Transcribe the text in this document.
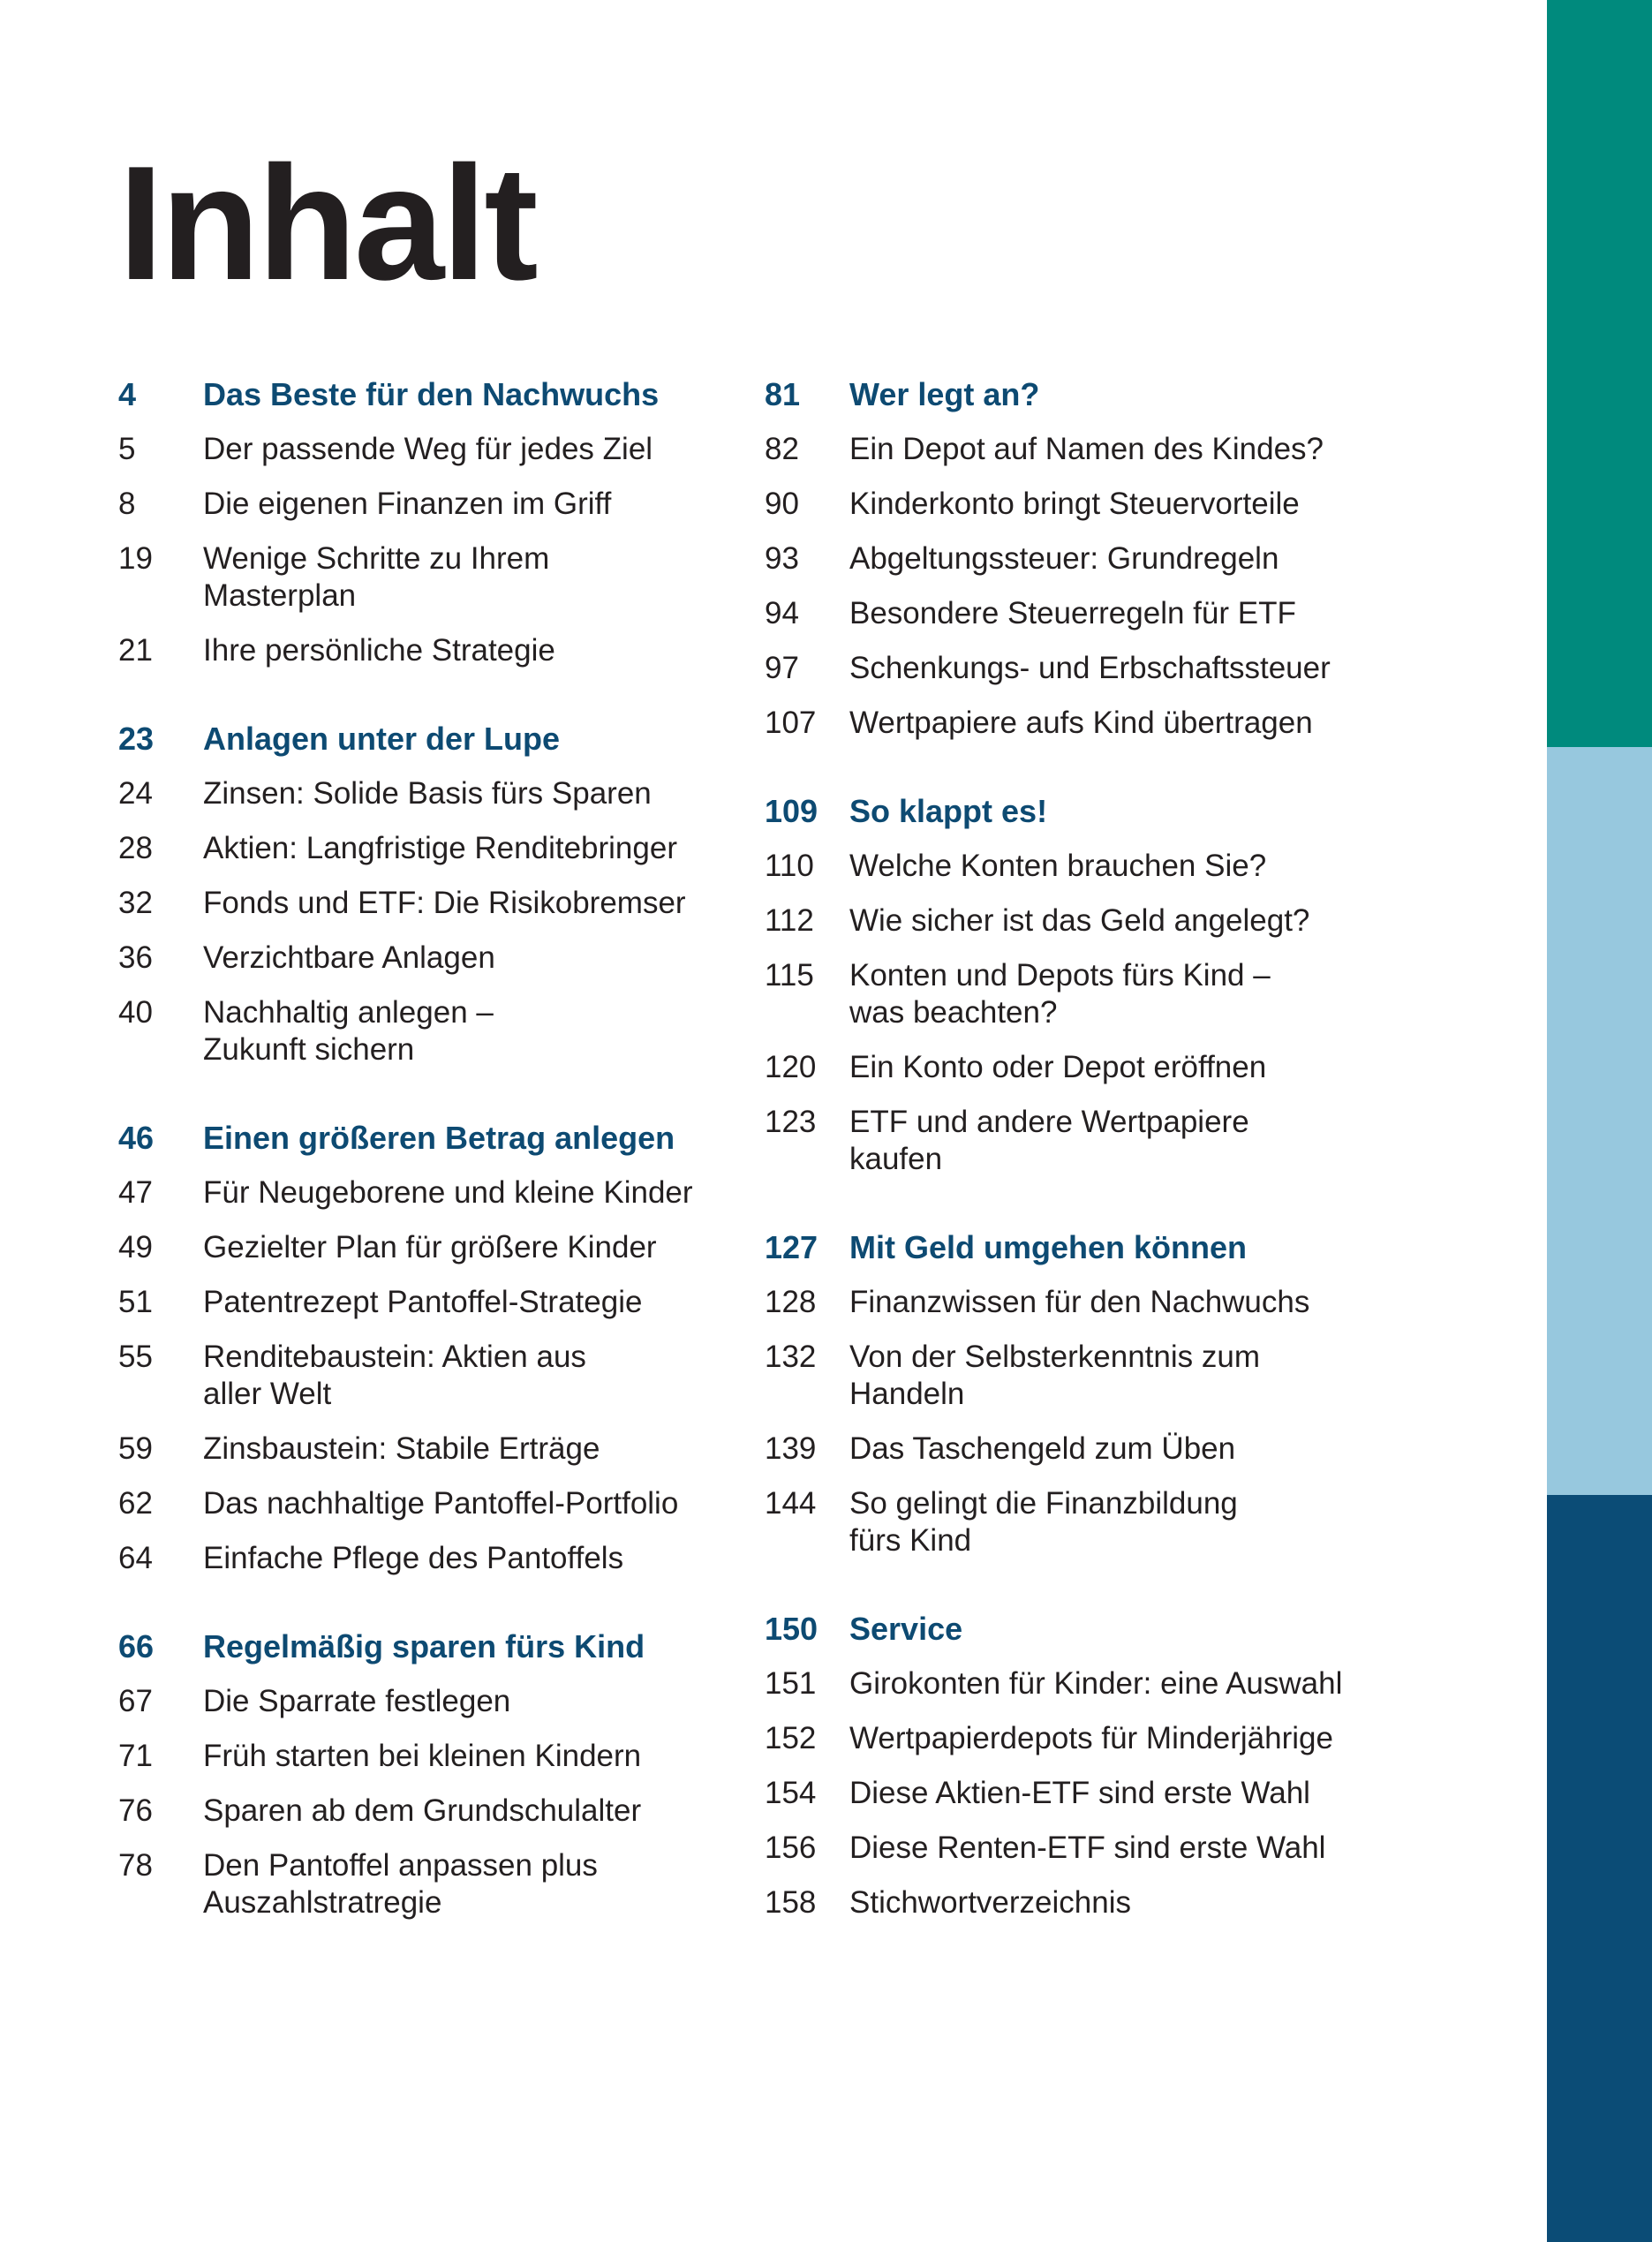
Inhalt
4	Das Beste für den Nachwuchs
5	Der passende Weg für jedes Ziel
8	Die eigenen Finanzen im Griff
19	Wenige Schritte zu Ihrem
Masterplan
21	Ihre persönliche Strategie
23	Anlagen unter der Lupe
24	Zinsen: Solide Basis fürs Sparen
28	Aktien: Langfristige Renditebringer
32	Fonds und ETF: Die Risikobremser
36	Verzichtbare Anlagen
40	Nachhaltig anlegen –
Zukunft sichern
46	Einen größeren Betrag anlegen
47	Für Neugeborene und kleine Kinder
49	Gezielter Plan für größere Kinder
51	Patentrezept Pantoffel-Strategie
55	Renditebaustein: Aktien aus
aller Welt
59	Zinsbaustein: Stabile Erträge
62	Das nachhaltige Pantoffel-Portfolio
64	Einfache Pflege des Pantoffels
66	Regelmäßig sparen fürs Kind
67	Die Sparrate festlegen
71	Früh starten bei kleinen Kindern
76	Sparen ab dem Grundschulalter
78	Den Pantoffel anpassen plus
Auszahlstratregie
81	Wer legt an?
82	Ein Depot auf Namen des Kindes?
90	Kinderkonto bringt Steuervorteile
93	Abgeltungssteuer: Grundregeln
94	Besondere Steuerregeln für ETF
97	Schenkungs- und Erbschaftssteuer
107	Wertpapiere aufs Kind übertragen
109 So klappt es!
110	Welche Konten brauchen Sie?
112	Wie sicher ist das Geld angelegt?
115	Konten und Depots fürs Kind –
was beachten?
120	Ein Konto oder Depot eröffnen
123	ETF und andere Wertpapiere
kaufen
127 Mit Geld umgehen können
128	Finanzwissen für den Nachwuchs
132	Von der Selbsterkenntnis zum
Handeln
139	Das Taschengeld zum Üben
144	So gelingt die Finanzbildung
fürs Kind
150 Service
151	Girokonten für Kinder: eine Auswahl
152	Wertpapierdepots für Minderjährige
154	Diese Aktien-ETF sind erste Wahl
156	Diese Renten-ETF sind erste Wahl
158	Stichwortverzeichnis
